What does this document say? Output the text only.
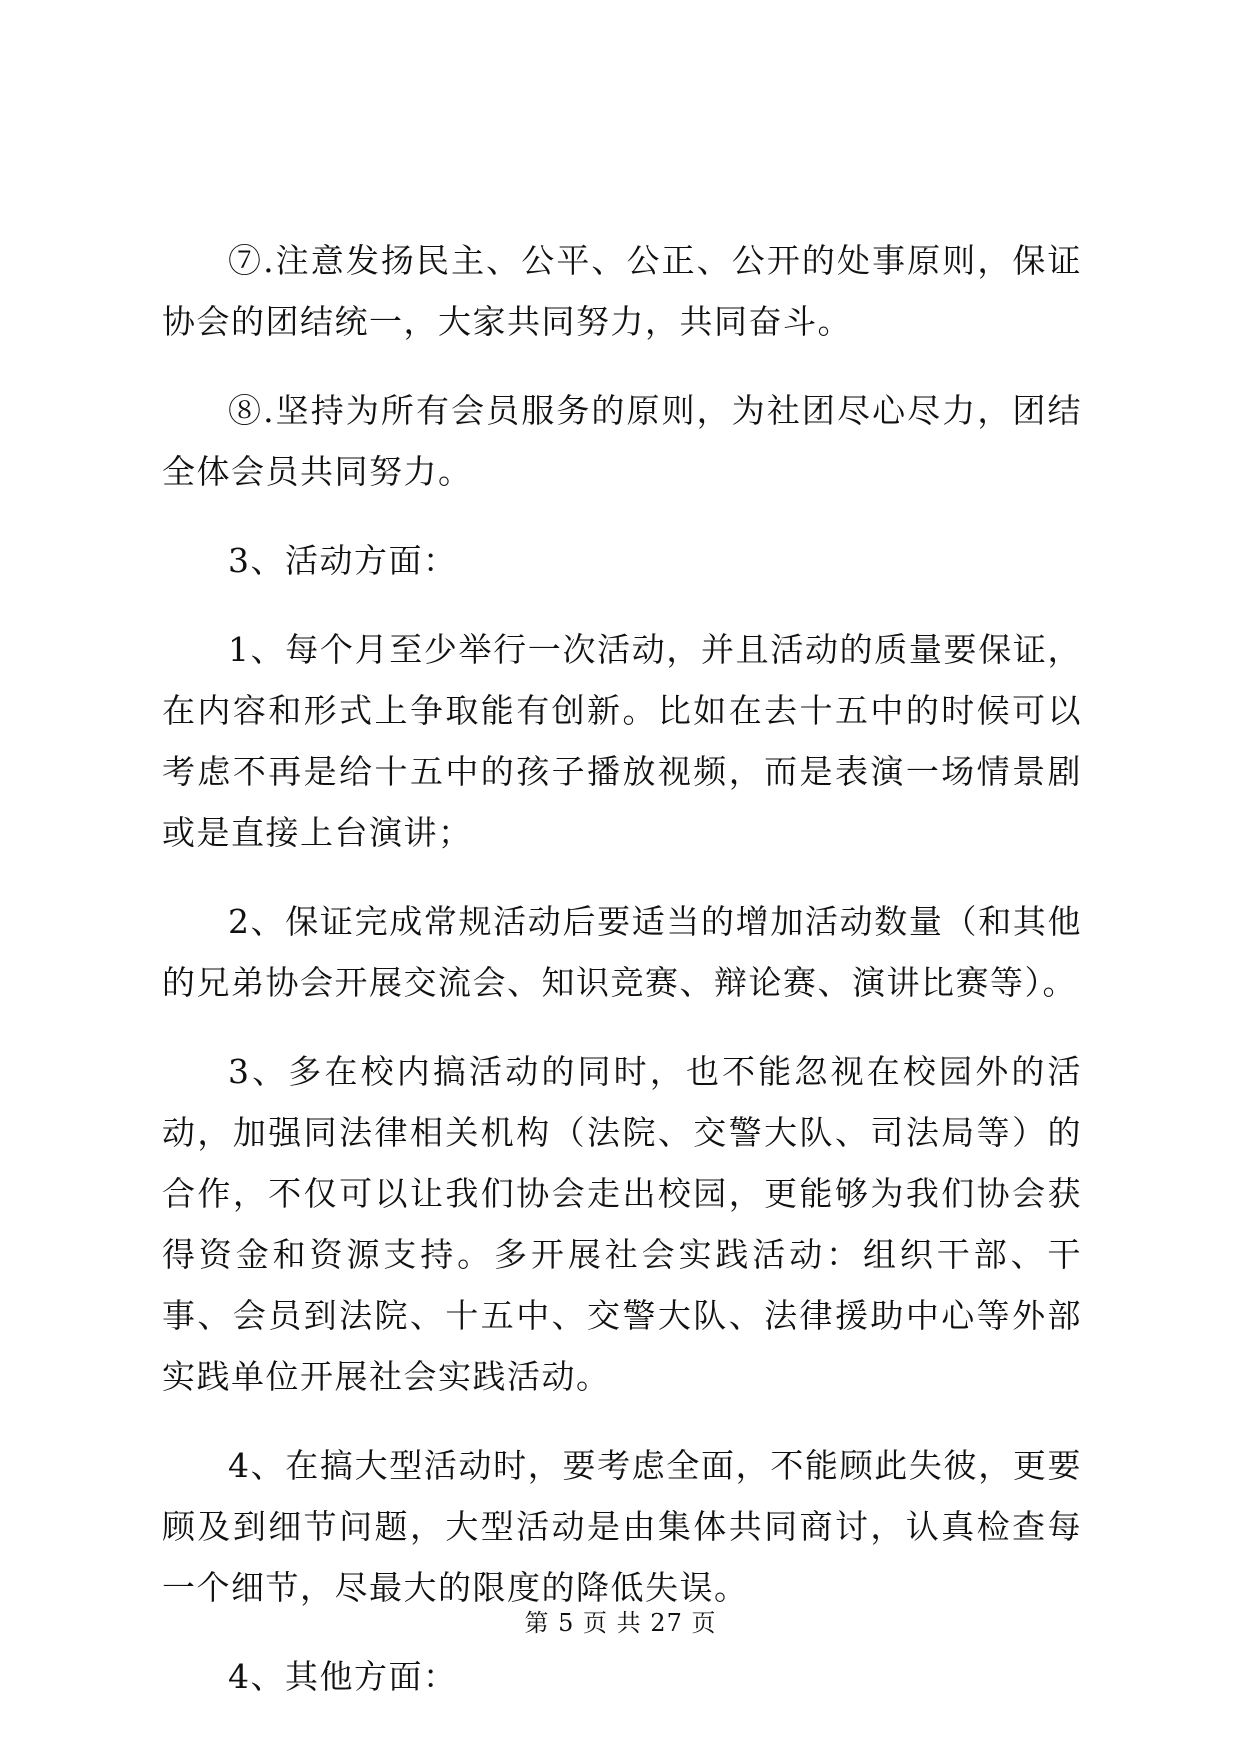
⑦.注意发扬民主、公平、公正、公开的处事原则，保证协会的团结统一，大家共同努力，共同奋斗。

⑧.坚持为所有会员服务的原则，为社团尽心尽力，团结全体会员共同努力。

3、活动方面：

1、每个月至少举行一次活动，并且活动的质量要保证，在内容和形式上争取能有创新。比如在去十五中的时候可以考虑不再是给十五中的孩子播放视频，而是表演一场情景剧或是直接上台演讲；

2、保证完成常规活动后要适当的增加活动数量（和其他的兄弟协会开展交流会、知识竞赛、辩论赛、演讲比赛等）。

3、多在校内搞活动的同时，也不能忽视在校园外的活动，加强同法律相关机构（法院、交警大队、司法局等）的合作，不仅可以让我们协会走出校园，更能够为我们协会获得资金和资源支持。多开展社会实践活动：组织干部、干事、会员到法院、十五中、交警大队、法律援助中心等外部实践单位开展社会实践活动。

4、在搞大型活动时，要考虑全面，不能顾此失彼，更要顾及到细节问题，大型活动是由集体共同商讨，认真检查每一个细节，尽最大的限度的降低失误。

4、其他方面：

第 5 页 共 27 页
